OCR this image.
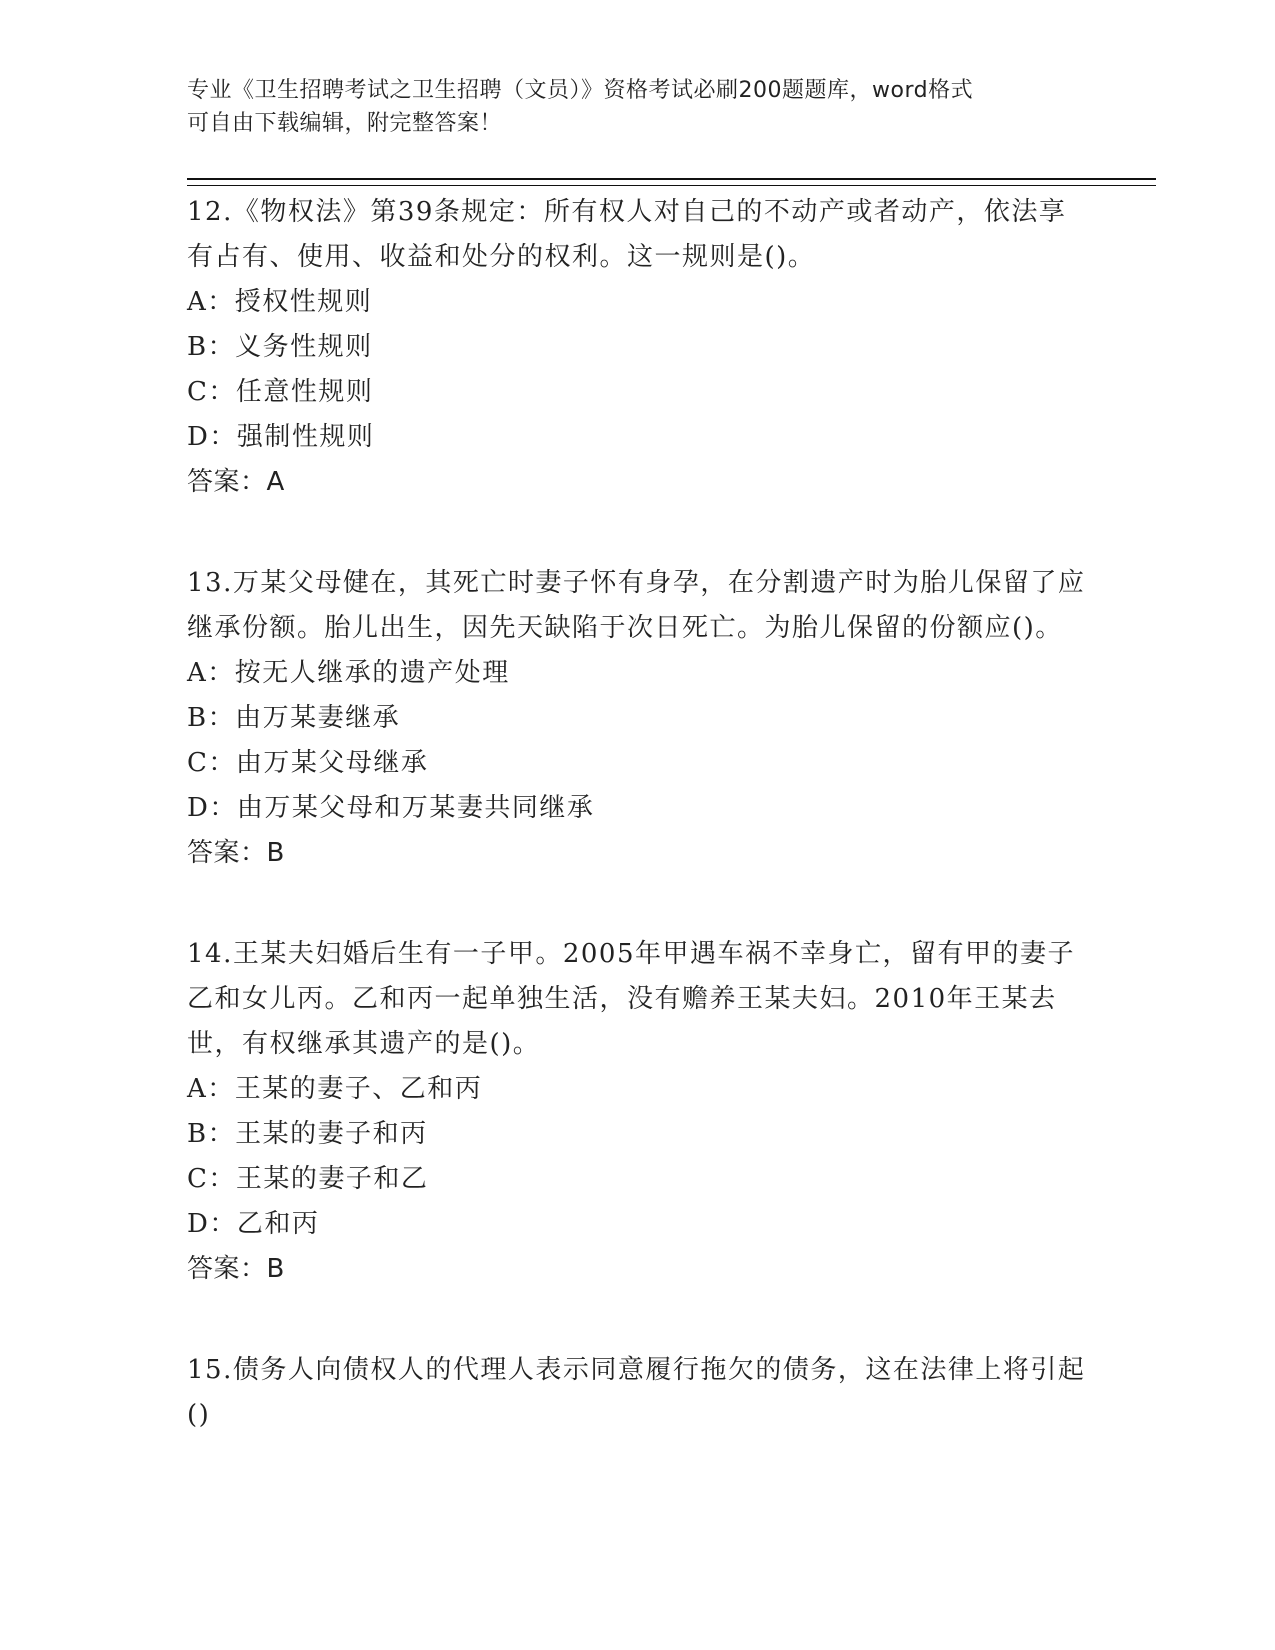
专业《卫生招聘考试之卫生招聘（文员）》资格考试必刷200题题库，word格式
可自由下载编辑，附完整答案！
12.《物权法》第39条规定：所有权人对自己的不动产或者动产，依法享有占有、使用、收益和处分的权利。这一规则是()。
A：授权性规则
B：义务性规则
C：任意性规则
D：强制性规则
答案：A
13.万某父母健在，其死亡时妻子怀有身孕，在分割遗产时为胎儿保留了应继承份额。胎儿出生，因先天缺陷于次日死亡。为胎儿保留的份额应()。
A：按无人继承的遗产处理
B：由万某妻继承
C：由万某父母继承
D：由万某父母和万某妻共同继承
答案：B
14.王某夫妇婚后生有一子甲。2005年甲遇车祸不幸身亡，留有甲的妻子乙和女儿丙。乙和丙一起单独生活，没有赡养王某夫妇。2010年王某去世，有权继承其遗产的是()。
A：王某的妻子、乙和丙
B：王某的妻子和丙
C：王某的妻子和乙
D：乙和丙
答案：B
15.债务人向债权人的代理人表示同意履行拖欠的债务，这在法律上将引起()
